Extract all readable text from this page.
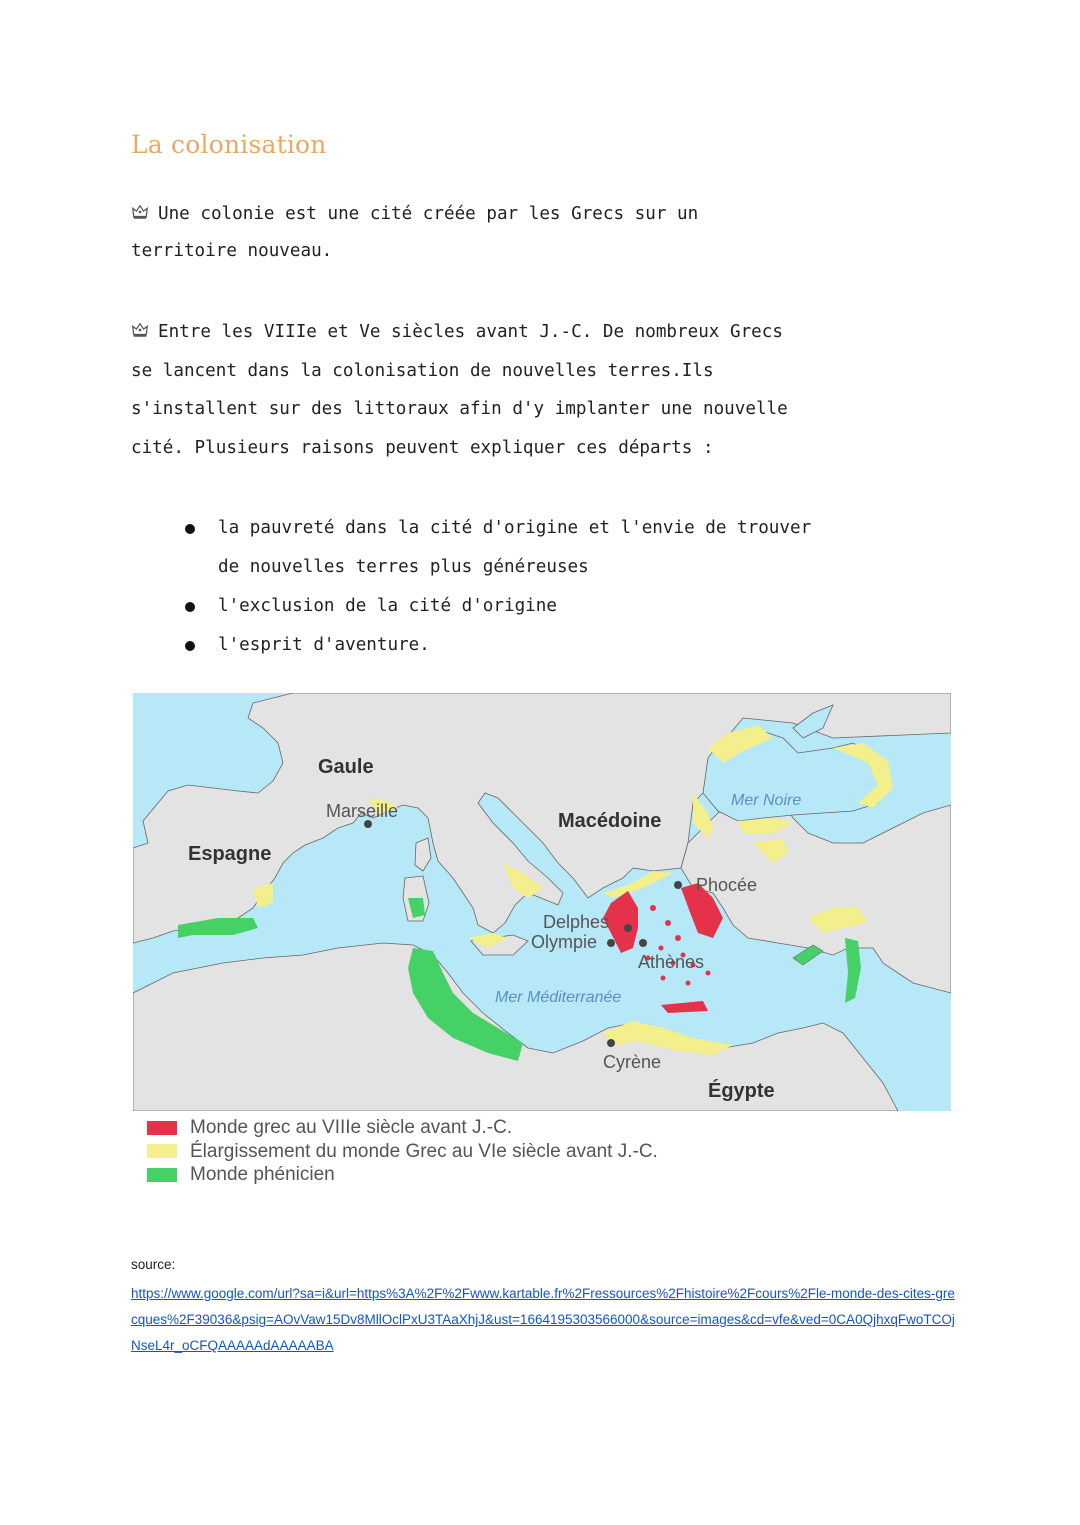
La colonisation
Une colonie est une cité créée par les Grecs sur un
territoire nouveau.
Entre les VIIIe et Ve siècles avant J.-C. De nombreux Grecs
se lancent dans la colonisation de nouvelles terres.Ils
s'installent sur des littoraux afin d'y implanter une nouvelle
cité. Plusieurs raisons peuvent expliquer ces départs :
la pauvreté dans la cité d'origine et l'envie de trouver
de nouvelles terres plus généreuses
l'exclusion de la cité d'origine
l'esprit d'aventure.
Gaule
Espagne
Macédoine
Égypte
Marseille
Delphes
Olympie
Athènes
Phocée
Cyrène
Mer Noire
Mer Méditerranée
Monde grec au VIIIe siècle avant J.-C.
Élargissement du monde Grec au VIe siècle avant J.-C.
Monde phénicien
source:
https://www.google.com/url?sa=i&url=https%3A%2F%2Fwww.kartable.fr%2Fressources%2Fhistoire%2Fcours%2Fle-monde-des-cites-grecques%2F39036&psig=AOvVaw15Dv8MllOclPxU3TAaXhjJ&ust=1664195303566000&source=images&cd=vfe&ved=0CA0QjhxqFwoTCOjNseL4r_oCFQAAAAAdAAAAABA
